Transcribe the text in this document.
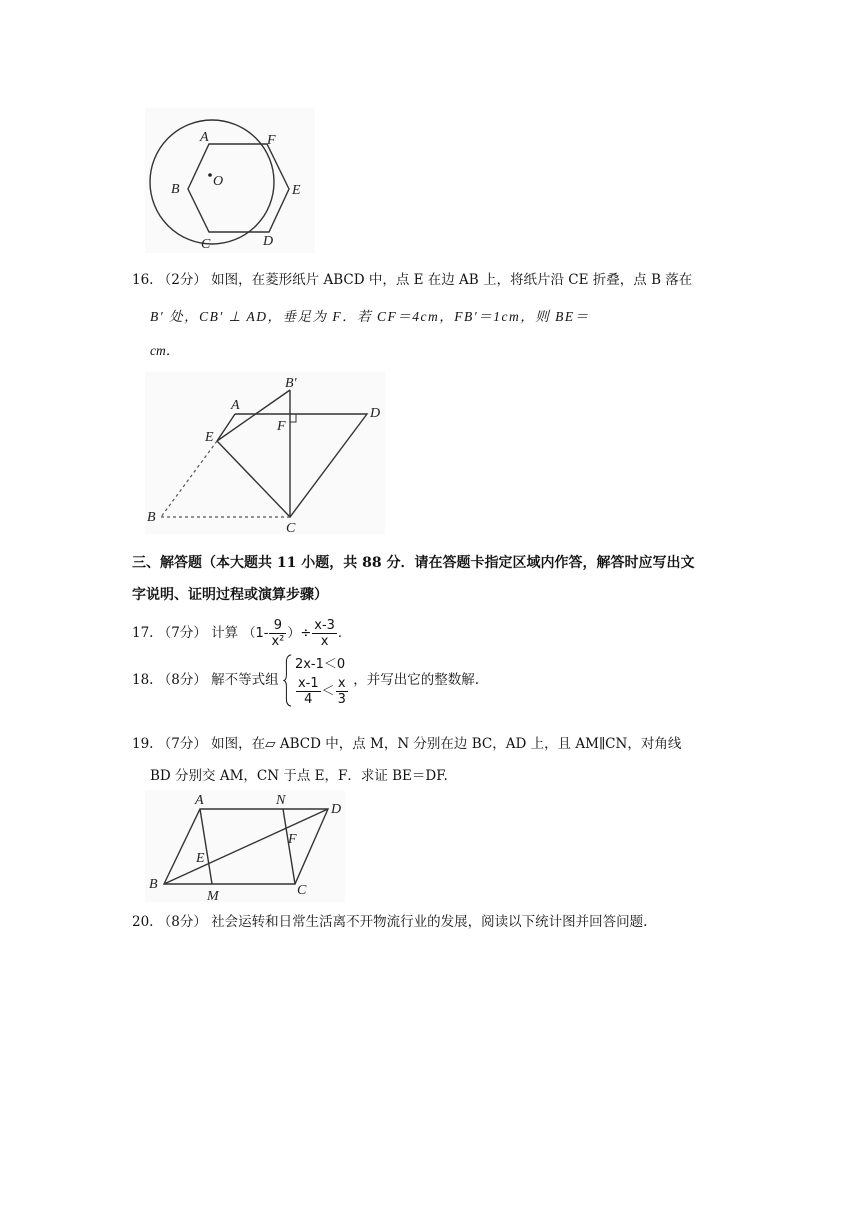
A	F
B
O
E
C	D
16. （2分） 如图，在菱形纸片 ABCD 中，点 E 在边 AB 上，将纸片沿 CE 折叠，点 B 落在
B′ 处，CB′ ⊥ AD，垂足为 F．若 CF＝4cm，FB′＝1cm，则 BE＝
cm．
B′
A
D
E
F
B
C
三、解答题（本大题共 11 小题，共 88 分．请在答题卡指定区域内作答，解答时应写出文
字说明、证明过程或演算步骤）
17. （7分） 计算 （$1- \frac{9}{\text{x²}}$ ）÷ $\frac{x-3}{x}$ .
18. （8分） 解不等式组
2x-1＜0
$\frac{x-1}{4} < \frac{x}{3}$ ，并写出它的整数解.
19. （7分） 如图，在▱ ABCD 中，点 M，N 分别在边 BC，AD 上，且 AM∥CN，对角线
BD 分别交 AM，CN 于点 E，F．求证 BE＝DF.
A	N
D
E
F
B
M	C
20. （8分） 社会运转和日常生活离不开物流行业的发展，阅读以下统计图并回答问题.
